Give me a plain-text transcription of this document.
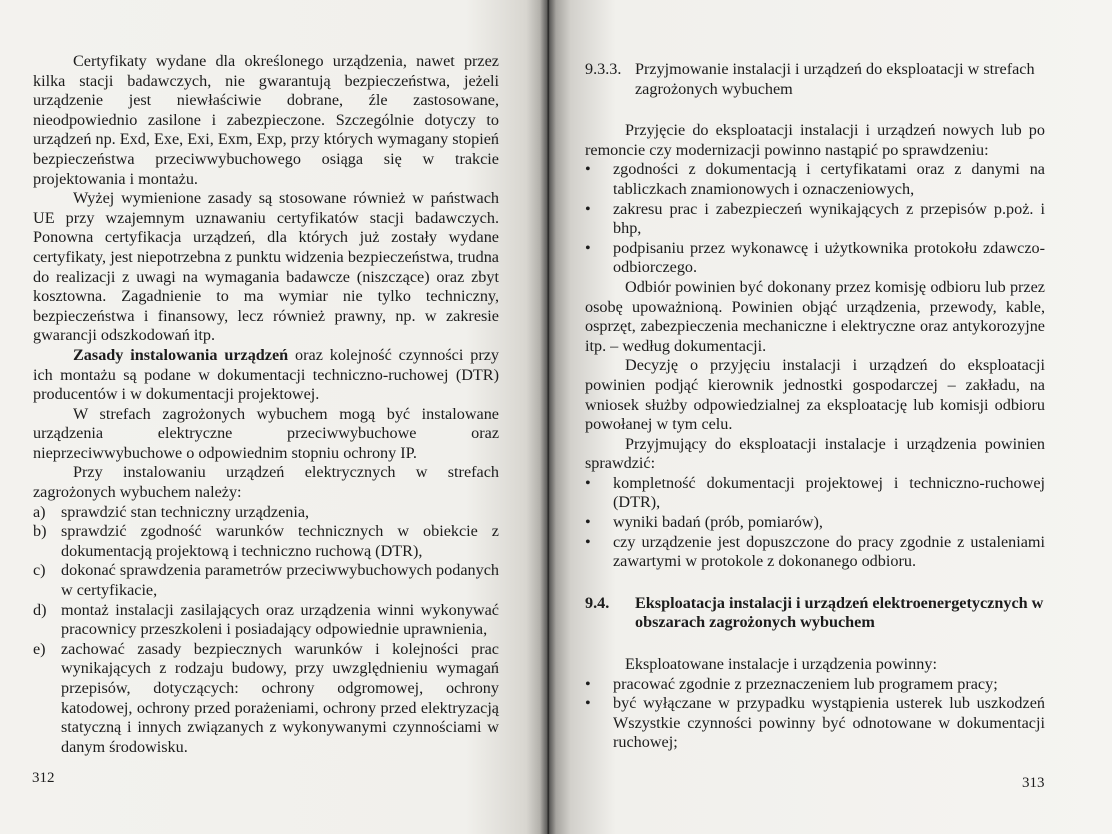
Certyfikaty wydane dla określonego urządzenia, nawet przez kilka stacji badawczych, nie gwarantują bezpieczeństwa, jeżeli urządzenie jest niewłaściwie dobrane, źle zastosowane, nieodpowiednio zasilone i zabezpieczone. Szczególnie dotyczy to urządzeń np. Exd, Exe, Exi, Exm, Exp, przy których wymagany stopień bezpieczeństwa przeciwwybuchowego osiąga się w trakcie projektowania i montażu.

Wyżej wymienione zasady są stosowane również w państwach UE przy wzajemnym uznawaniu certyfikatów stacji badawczych. Ponowna certyfikacja urządzeń, dla których już zostały wydane certyfikaty, jest niepotrzebna z punktu widzenia bezpieczeństwa, trudna do realizacji z uwagi na wymagania badawcze (niszczące) oraz zbyt kosztowna. Zagadnienie to ma wymiar nie tylko techniczny, bezpieczeństwa i finansowy, lecz również prawny, np. w zakresie gwarancji odszkodowań itp.

Zasady instalowania urządzeń oraz kolejność czynności przy ich montażu są podane w dokumentacji techniczno-ruchowej (DTR) producentów i w dokumentacji projektowej.

W strefach zagrożonych wybuchem mogą być instalowane urządzenia elektryczne przeciwwybuchowe oraz nieprzeciwwybuchowe o odpowiednim stopniu ochrony IP.

Przy instalowaniu urządzeń elektrycznych w strefach zagrożonych wybuchem należy:

a) sprawdzić stan techniczny urządzenia,
b) sprawdzić zgodność warunków technicznych w obiekcie z dokumentacją projektową i techniczno ruchową (DTR),
c) dokonać sprawdzenia parametrów przeciwwybuchowych podanych w certyfikacie,
d) montaż instalacji zasilających oraz urządzenia winni wykonywać pracownicy przeszkoleni i posiadający odpowiednie uprawnienia,
e) zachować zasady bezpiecznych warunków i kolejności prac wynikających z rodzaju budowy, przy uwzględnieniu wymagań przepisów, dotyczących: ochrony odgromowej, ochrony katodowej, ochrony przed porażeniami, ochrony przed elektryzacją statyczną i innych związanych z wykonywanymi czynnościami w danym środowisku.
312
9.3.3. Przyjmowanie instalacji i urządzeń do eksploatacji w strefach zagrożonych wybuchem

Przyjęcie do eksploatacji instalacji i urządzeń nowych lub po remoncie czy modernizacji powinno nastąpić po sprawdzeniu:

•	zgodności z dokumentacją i certyfikatami oraz z danymi na tabliczkach znamionowych i oznaczeniowych,
•	zakresu prac i zabezpieczeń wynikających z przepisów p.poż. i bhp,
•	podpisaniu przez wykonawcę i użytkownika protokołu zdawczo-odbiorczego.

Odbiór powinien być dokonany przez komisję odbioru lub przez osobę upoważnioną. Powinien objąć urządzenia, przewody, kable, osprzęt, zabezpieczenia mechaniczne i elektryczne oraz antykorozyjne itp. – według dokumentacji.

Decyzję o przyjęciu instalacji i urządzeń do eksploatacji powinien podjąć kierownik jednostki gospodarczej – zakładu, na wniosek służby odpowiedzialnej za eksploatację lub komisji odbioru powołanej w tym celu.

Przyjmujący do eksploatacji instalacje i urządzenia powinien sprawdzić:

•	kompletność dokumentacji projektowej i techniczno-ruchowej (DTR),
•	wyniki badań (prób, pomiarów),
•	czy urządzenie jest dopuszczone do pracy zgodnie z ustaleniami zawartymi w protokole z dokonanego odbioru.
9.4.	Eksploatacja instalacji i urządzeń elektroenergetycznych w obszarach zagrożonych wybuchem

Eksploatowane instalacje i urządzenia powinny:

•	pracować zgodnie z przeznaczeniem lub programem pracy;
•	być wyłączane w przypadku wystąpienia usterek lub uszkodzeń Wszystkie czynności powinny być odnotowane w dokumentacji ruchowej;
313
